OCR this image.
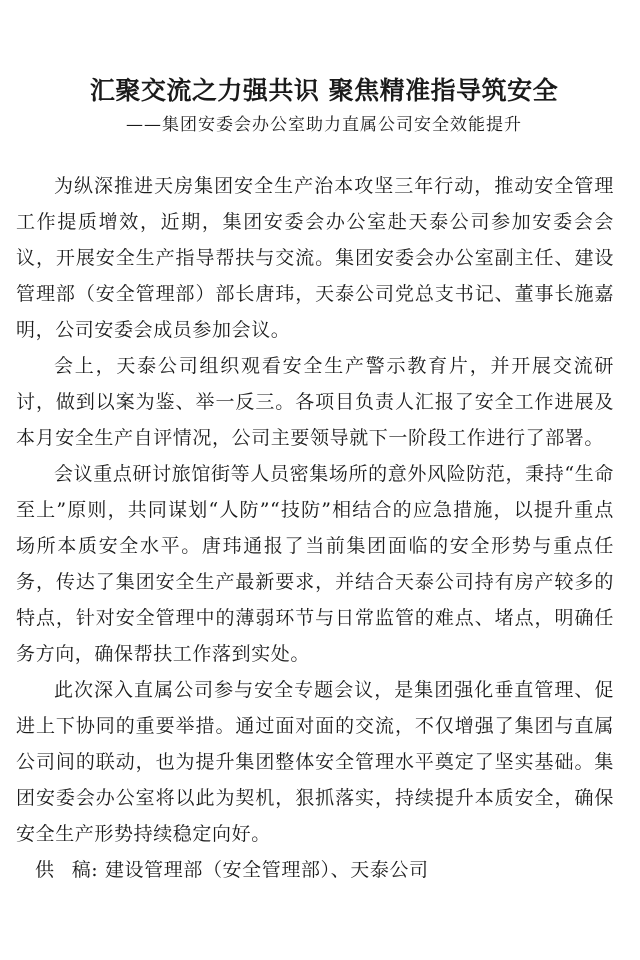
汇聚交流之力强共识 聚焦精准指导筑安全
——集团安委会办公室助力直属公司安全效能提升

为纵深推进天房集团安全生产治本攻坚三年行动，推动安全管理工作提质增效，近期，集团安委会办公室赴天泰公司参加安委会会议，开展安全生产指导帮扶与交流。集团安委会办公室副主任、建设管理部（安全管理部）部长唐玮，天泰公司党总支书记、董事长施嘉明，公司安委会成员参加会议。

会上，天泰公司组织观看安全生产警示教育片，并开展交流研讨，做到以案为鉴、举一反三。各项目负责人汇报了安全工作进展及本月安全生产自评情况，公司主要领导就下一阶段工作进行了部署。

会议重点研讨旅馆街等人员密集场所的意外风险防范，秉持“生命至上”原则，共同谋划“人防”“技防”相结合的应急措施，以提升重点场所本质安全水平。唐玮通报了当前集团面临的安全形势与重点任务，传达了集团安全生产最新要求，并结合天泰公司持有房产较多的特点，针对安全管理中的薄弱环节与日常监管的难点、堵点，明确任务方向，确保帮扶工作落到实处。

此次深入直属公司参与安全专题会议，是集团强化垂直管理、促进上下协同的重要举措。通过面对面的交流，不仅增强了集团与直属公司间的联动，也为提升集团整体安全管理水平奠定了坚实基础。集团安委会办公室将以此为契机，狠抓落实，持续提升本质安全，确保安全生产形势持续稳定向好。

供 稿: 建设管理部（安全管理部）、天泰公司
